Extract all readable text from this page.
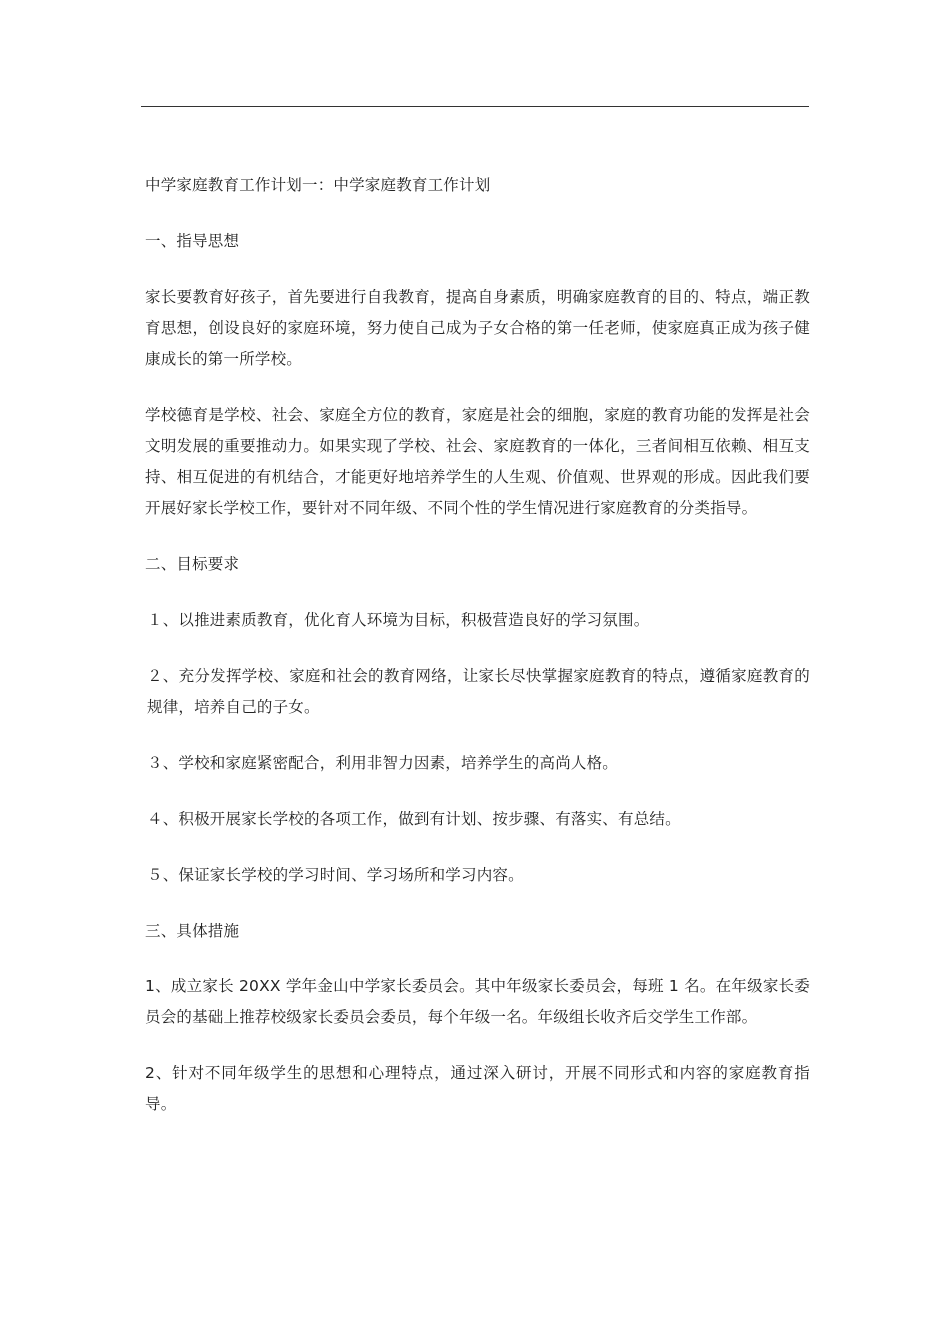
中学家庭教育工作计划一：中学家庭教育工作计划

一、指导思想

家长要教育好孩子，首先要进行自我教育，提高自身素质，明确家庭教育的目的、特点，端正教育思想，创设良好的家庭环境，努力使自己成为子女合格的第一任老师，使家庭真正成为孩子健康成长的第一所学校。

学校德育是学校、社会、家庭全方位的教育，家庭是社会的细胞，家庭的教育功能的发挥是社会文明发展的重要推动力。如果实现了学校、社会、家庭教育的一体化，三者间相互依赖、相互支持、相互促进的有机结合，才能更好地培养学生的人生观、价值观、世界观的形成。因此我们要开展好家长学校工作，要针对不同年级、不同个性的学生情况进行家庭教育的分类指导。

二、目标要求

１、以推进素质教育，优化育人环境为目标，积极营造良好的学习氛围。

２、充分发挥学校、家庭和社会的教育网络，让家长尽快掌握家庭教育的特点，遵循家庭教育的规律，培养自己的子女。

３、学校和家庭紧密配合，利用非智力因素，培养学生的高尚人格。

４、积极开展家长学校的各项工作，做到有计划、按步骤、有落实、有总结。

５、保证家长学校的学习时间、学习场所和学习内容。

三、具体措施

1、成立家长 20XX 学年金山中学家长委员会。其中年级家长委员会，每班 1 名。在年级家长委员会的基础上推荐校级家长委员会委员，每个年级一名。年级组长收齐后交学生工作部。

2、针对不同年级学生的思想和心理特点，通过深入研讨，开展不同形式和内容的家庭教育指导。
